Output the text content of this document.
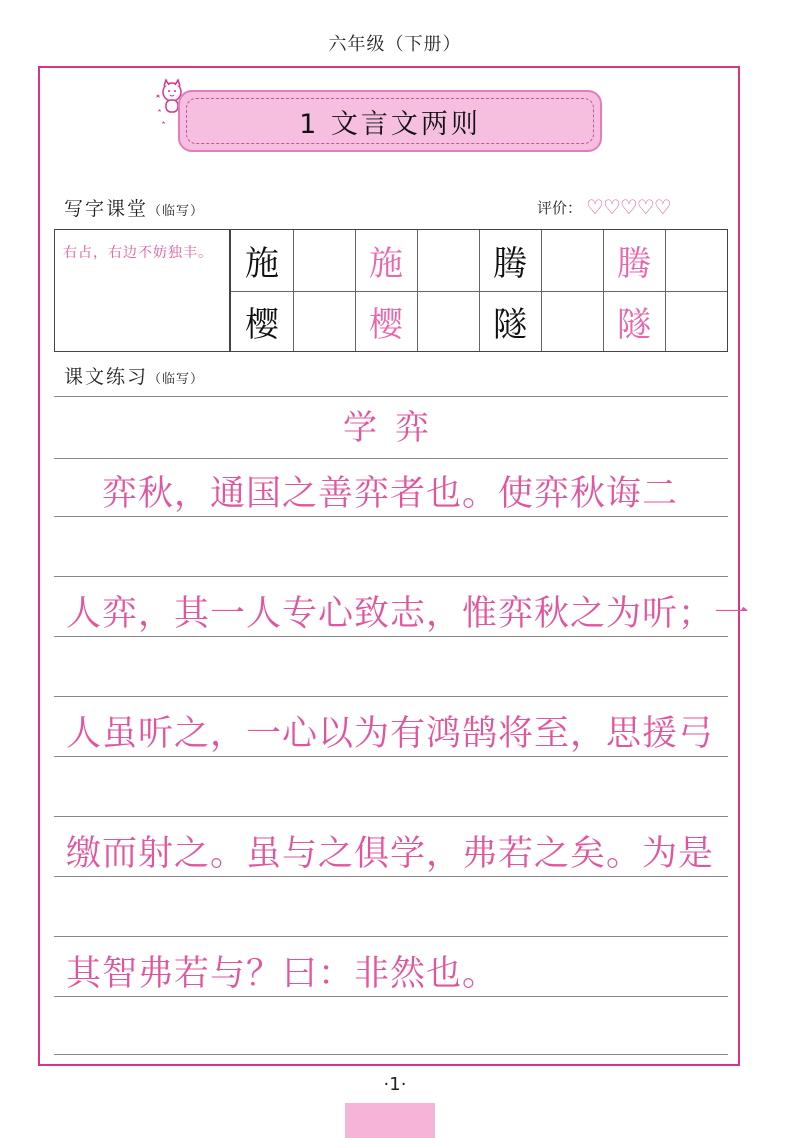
六年级（下册）
1 文言文两则
写字课堂（临写）	评价： ♡♡♡♡♡
右占，右边不妨独丰。 施	施	腾	腾
樱	樱	隧	隧
课文练习（临写）
学弈
　弈秋，通国之善弈者也。使弈秋诲二
人弈，其一人专心致志，惟弈秋之为听；一
人虽听之，一心以为有鸿鹄将至，思援弓
缴而射之。虽与之俱学，弗若之矣。为是
其智弗若与？曰：非然也。
·1·
